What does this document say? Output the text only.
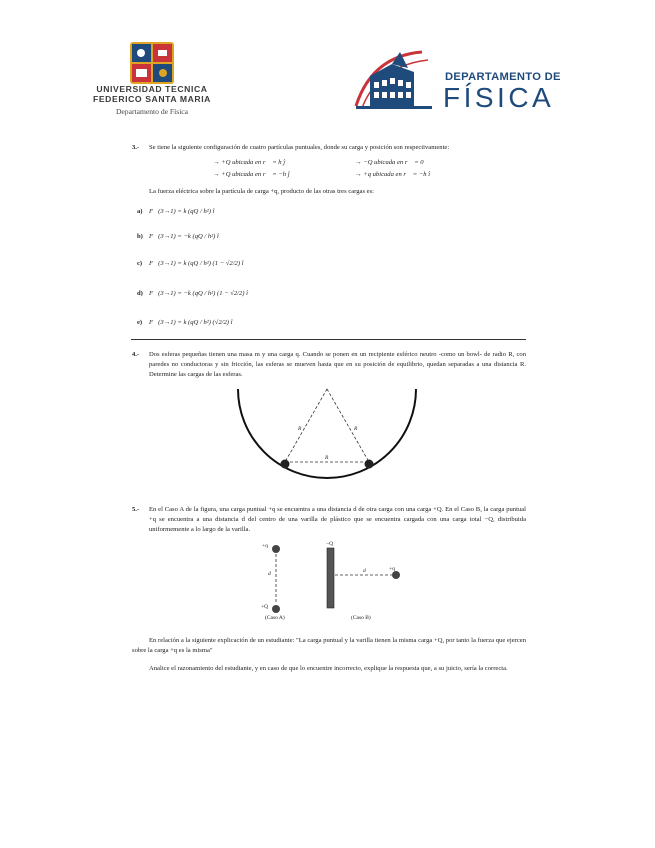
UNIVERSIDAD TECNICA
FEDERICO SANTA MARIA
Departamento de Física
DEPARTAMENTO DE
FÍSICA
3.- Se tiene la siguiente configuración de cuatro partículas puntuales, donde su carga y posición son respectivamente:
→ +Q ubicada en r⃗ = h ĵ	→ −Q ubicada en r⃗ = 0⃗
→ +Q ubicada en r⃗ = −h ĵ	→ +q ubicada en r⃗ = −h î
La fuerza eléctrica sobre la partícula de carga +q, producto de las otras tres cargas es:
a) F⃗(3→1) = k (qQ / h²) î
b) F⃗(3→1) = −k (qQ / h²) î
c) F⃗(3→1) = k (qQ / h²) (1 − √2/2) î
d) F⃗(3→1) = −k (qQ / h²) (1 − √2/2) î
e) F⃗(3→1) = k (qQ / h²) (√2/2) î
4.- Dos esferas pequeñas tienen una masa m y una carga q. Cuando se ponen en un recipiente esférico neutro -como un bowl- de radio R, con paredes no conductoras y sin fricción, las esferas se mueven hasta que en su posición de equilibrio, quedan separadas a una distancia R. Determine las cargas de las esferas.
R	R
R
5.- En el Caso A de la figura, una carga puntual +q se encuentra a una distancia d de otra carga con una carga +Q. En el Caso B, la carga puntual +q se encuentra a una distancia d del centro de una varilla de plástico que se encuentra cargada con una carga total −Q, distribuida uniformemente a lo largo de la varilla.
+q
d
+Q
(Caso A)
−Q
d	+q
(Caso B)
En relación a la siguiente explicación de un estudiante: "La carga puntual y la varilla tienen la misma carga +Q, por tanto la fuerza que ejercen sobre la carga +q es la misma"
Analice el razonamiento del estudiante, y en caso de que lo encuentre incorrecto, explique la respuesta que, a su juicio, sería la correcta.
